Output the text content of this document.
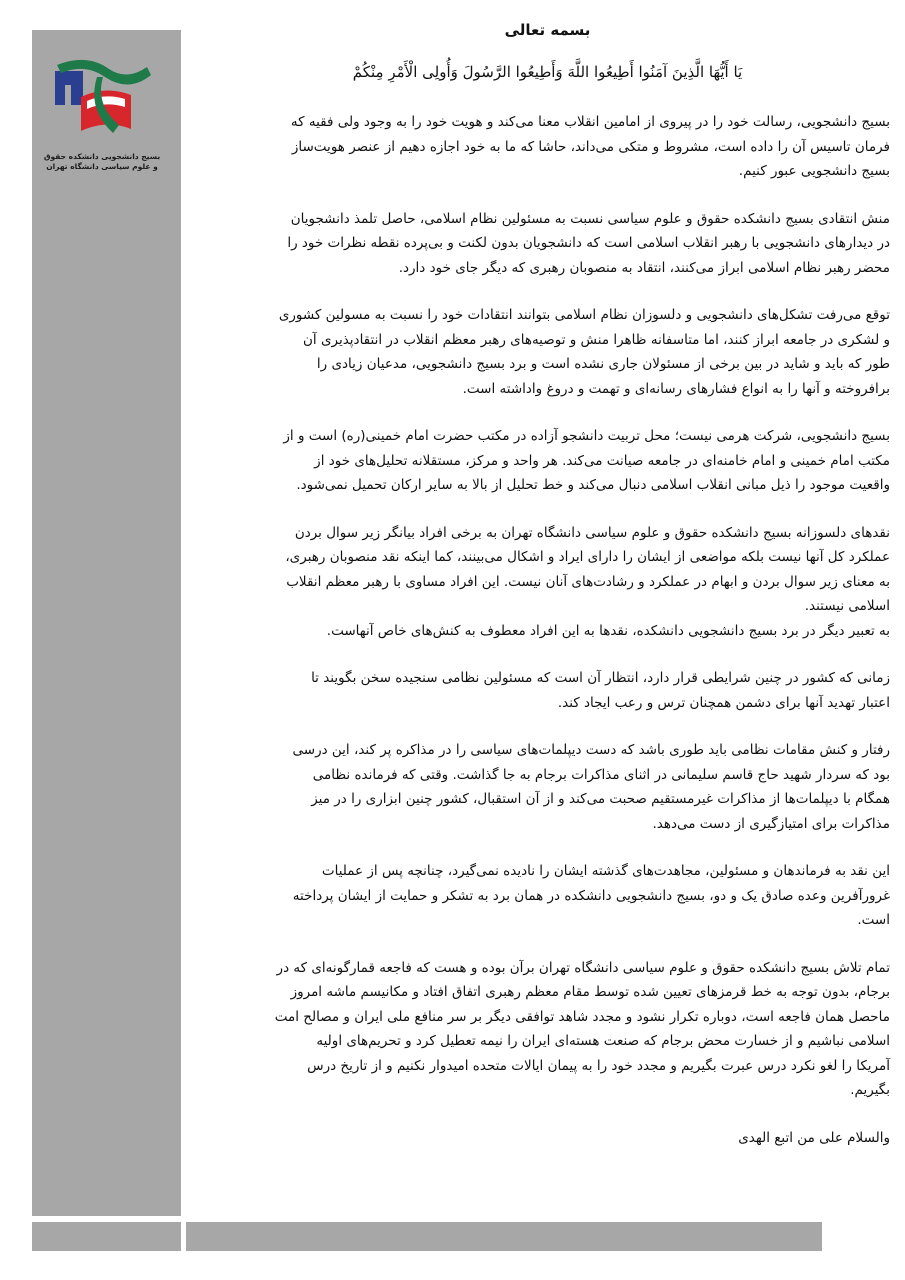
بسیج دانشجویی دانشکده حقوق
و علوم سیاسی دانشگاه تهران
بسمه تعالی
یَا أَیُّهَا الَّذِینَ آمَنُوا أَطِیعُوا اللَّهَ وَأَطِیعُوا الرَّسُولَ وَأُولِی الْأَمْرِ مِنْکُمْ
بسیج دانشجویی، رسالت خود را در پیروی از امامین انقلاب معنا می‌کند و هویت خود را به وجود ولی فقیه که
فرمان تاسیس آن را داده است، مشروط و متکی می‌داند، حاشا که ما به خود اجازه دهیم از عنصر هویت‌ساز
بسیج دانشجویی عبور کنیم.
منش انتقادی بسیج دانشکده حقوق و علوم سیاسی نسبت به مسئولین نظام اسلامی، حاصل تلمذ دانشجویان
در دیدارهای دانشجویی با رهبر انقلاب اسلامی است که دانشجویان بدون لکنت و بی‌پرده نقطه نظرات خود را
محضر رهبر نظام اسلامی ابراز می‌کنند، انتقاد به منصوبان رهبری که دیگر جای خود دارد.
توقع می‌رفت تشکل‌های دانشجویی و دلسوزان نظام اسلامی بتوانند انتقادات خود را نسبت به مسولین کشوری
و لشکری در جامعه ابراز کنند، اما متاسفانه ظاهرا منش و توصیه‌های رهبر معظم انقلاب در انتقادپذیری آن
طور که باید و شاید در بین برخی از مسئولان جاری نشده است و برد بسیج دانشجویی، مدعیان زیادی را
برافروخته و آنها را به انواع فشارهای رسانه‌ای و تهمت و دروغ واداشته است.
بسیج دانشجویی، شرکت هرمی نیست؛ محل تربیت دانشجو آزاده در مکتب حضرت امام خمینی(ره) است و از
مکتب امام خمینی و امام خامنه‌ای در جامعه صیانت می‌کند. هر واحد و مرکز، مستقلانه تحلیل‌های خود از
واقعیت موجود را ذیل مبانی انقلاب اسلامی دنبال می‌کند و خط تحلیل از بالا به سایر ارکان تحمیل نمی‌شود.
نقدهای دلسوزانه بسیج دانشکده حقوق و علوم سیاسی دانشگاه تهران به برخی افراد بیانگر زیر سوال بردن
عملکرد کل آنها نیست بلکه مواضعی از ایشان را دارای ایراد و اشکال می‌بینند، کما اینکه نقد منصوبان رهبری،
به معنای زیر سوال بردن و ابهام در عملکرد و رشادت‌های آنان نیست. این افراد مساوی با رهبر معظم انقلاب
اسلامی نیستند.
به تعبیر دیگر در برد بسیج دانشجویی دانشکده، نقدها به این افراد معطوف به کنش‌های خاص آنهاست.
زمانی که کشور در چنین شرایطی قرار دارد، انتظار آن است که مسئولین نظامی سنجیده سخن بگویند تا
اعتبار تهدید آنها برای دشمن همچنان ترس و رعب ایجاد کند.
رفتار و کنش مقامات نظامی باید طوری باشد که دست دیپلمات‌های سیاسی را در مذاکره پر کند، این درسی
بود که سردار شهید حاج قاسم سلیمانی در اثنای مذاکرات برجام به جا گذاشت. وقتی که فرمانده نظامی
همگام با دیپلمات‌ها از مذاکرات غیرمستقیم صحبت می‌کند و از آن استقبال، کشور چنین ابزاری را در میز
مذاکرات برای امتیازگیری از دست می‌دهد.
این نقد به فرماندهان و مسئولین، مجاهدت‌های گذشته ایشان را نادیده نمی‌گیرد، چنانچه پس از عملیات
غرورآفرین وعده صادق یک و دو، بسیج دانشجویی دانشکده در همان برد به تشکر و حمایت از ایشان پرداخته
است.
تمام تلاش بسیج دانشکده حقوق و علوم سیاسی دانشگاه تهران برآن بوده و هست که فاجعه قمارگونه‌ای که در
برجام، بدون توجه به خط قرمزهای تعیین شده توسط مقام معظم رهبری اتفاق افتاد و مکانیسم ماشه امروز
ماحصل همان فاجعه است، دوباره تکرار نشود و مجدد شاهد توافقی دیگر بر سر منافع ملی ایران و مصالح امت
اسلامی نباشیم و از خسارت محض برجام که صنعت هسته‌ای ایران را نیمه تعطیل کرد و تحریم‌های اولیه
آمریکا را لغو نکرد درس عبرت بگیریم و مجدد خود را به پیمان ایالات متحده امیدوار نکنیم و از تاریخ درس
بگیریم.
والسلام علی من اتبع الهدی
